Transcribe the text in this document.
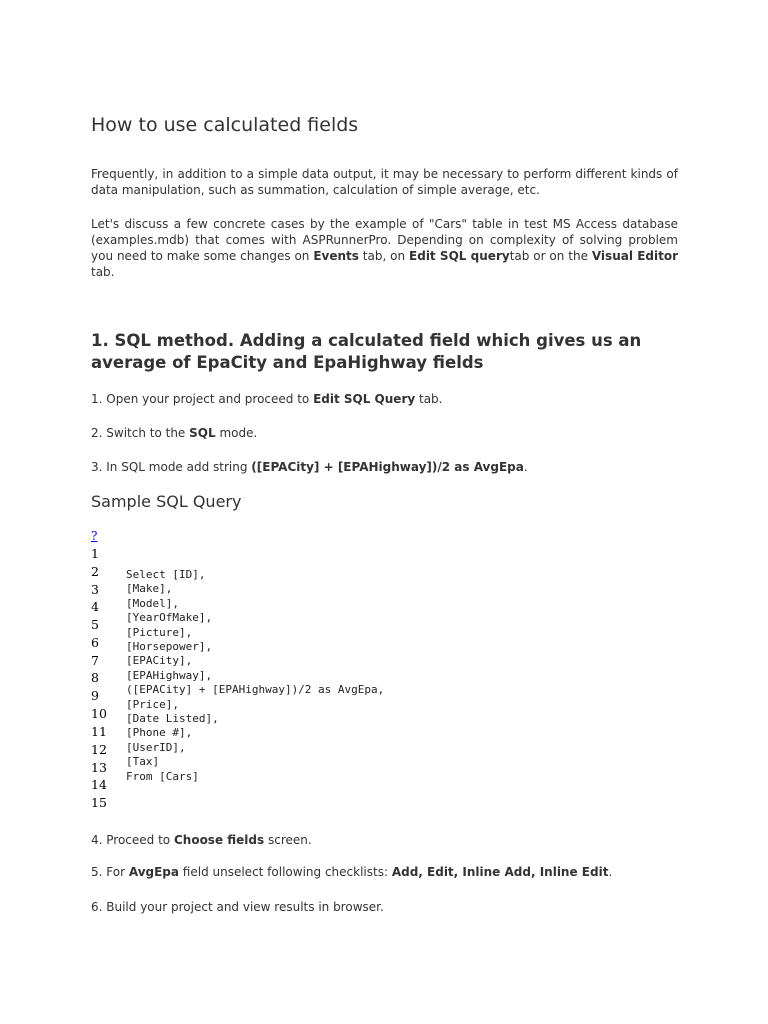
How to use calculated fields

Frequently, in addition to a simple data output, it may be necessary to perform different kinds of data manipulation, such as summation, calculation of simple average, etc.

Let's discuss a few concrete cases by the example of "Cars" table in test MS Access database (examples.mdb) that comes with ASPRunnerPro. Depending on complexity of solving problem you need to make some changes on Events tab, on Edit SQL querytab or on the Visual Editor tab.

1. SQL method. Adding a calculated field which gives us an average of EpaCity and EpaHighway fields

1. Open your project and proceed to Edit SQL Query tab.

2. Switch to the SQL mode.

3. In SQL mode add string ([EPACity] + [EPAHighway])/2 as AvgEpa.

Sample SQL Query
?
1
2
3
4
5
6
7
8
9
10
11
12
13
14
15
Select [ID],
[Make],
[Model],
[YearOfMake],
[Picture],
[Horsepower],
[EPACity],
[EPAHighway],
([EPACity] + [EPAHighway])/2 as AvgEpa,
[Price],
[Date Listed],
[Phone #],
[UserID],
[Tax]
From [Cars]

4. Proceed to Choose fields screen.

5. For AvgEpa field unselect following checklists: Add, Edit, Inline Add, Inline Edit.

6. Build your project and view results in browser.
